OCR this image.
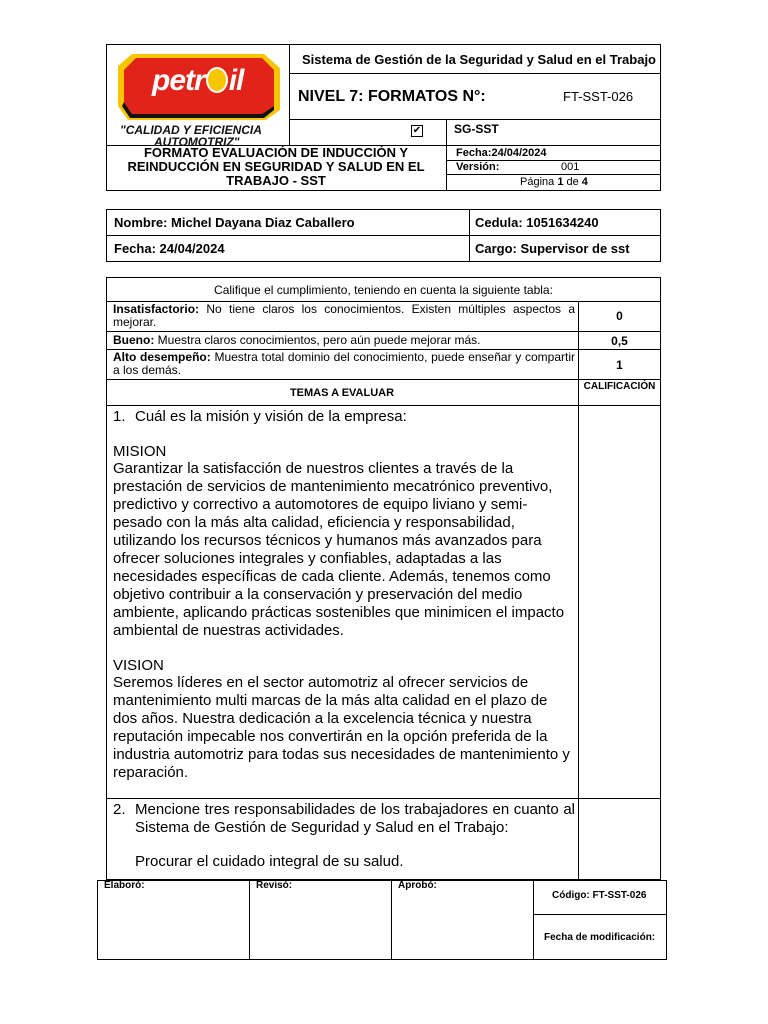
petr il
"CALIDAD Y EFICIENCIA
AUTOMOTRIZ"
Sistema de Gestión de la Seguridad y Salud en el Trabajo
NIVEL 7: FORMATOS N°:	FT-SST-026
✔	SG-SST
FORMATO EVALUACIÓN DE INDUCCIÓN Y REINDUCCIÓN EN SEGURIDAD Y SALUD EN EL TRABAJO - SST
Fecha:24/04/2024
Versión:	001
Página 1 de 4
Nombre: Michel Dayana Diaz Caballero	Cedula: 1051634240
Fecha: 24/04/2024	Cargo: Supervisor de sst
Califique el cumplimiento, teniendo en cuenta la siguiente tabla:
Insatisfactorio: No tiene claros los conocimientos. Existen múltiples aspectos a mejorar.	0
Bueno: Muestra claros conocimientos, pero aún puede mejorar más.	0,5
Alto desempeño: Muestra total dominio del conocimiento, puede enseñar y compartir a los demás.	1
TEMAS A EVALUAR
CALIFICACIÓN
1. Cuál es la misión y visión de la empresa:
MISION
Garantizar la satisfacción de nuestros clientes a través de la prestación de servicios de mantenimiento mecatrónico preventivo, predictivo y correctivo a automotores de equipo liviano y semi-pesado con la más alta calidad, eficiencia y responsabilidad, utilizando los recursos técnicos y humanos más avanzados para ofrecer soluciones integrales y confiables, adaptadas a las necesidades específicas de cada cliente. Además, tenemos como objetivo contribuir a la conservación y preservación del medio ambiente, aplicando prácticas sostenibles que minimicen el impacto ambiental de nuestras actividades.
VISION
Seremos líderes en el sector automotriz al ofrecer servicios de mantenimiento multi marcas de la más alta calidad en el plazo de dos años. Nuestra dedicación a la excelencia técnica y nuestra reputación impecable nos convertirán en la opción preferida de la industria automotriz para todas sus necesidades de mantenimiento y reparación.
2. Mencione tres responsabilidades de los trabajadores en cuanto al Sistema de Gestión de Seguridad y Salud en el Trabajo:
Procurar el cuidado integral de su salud.
Elaboró:	Revisó:	Aprobó:
Código: FT-SST-026
Fecha de modificación:
